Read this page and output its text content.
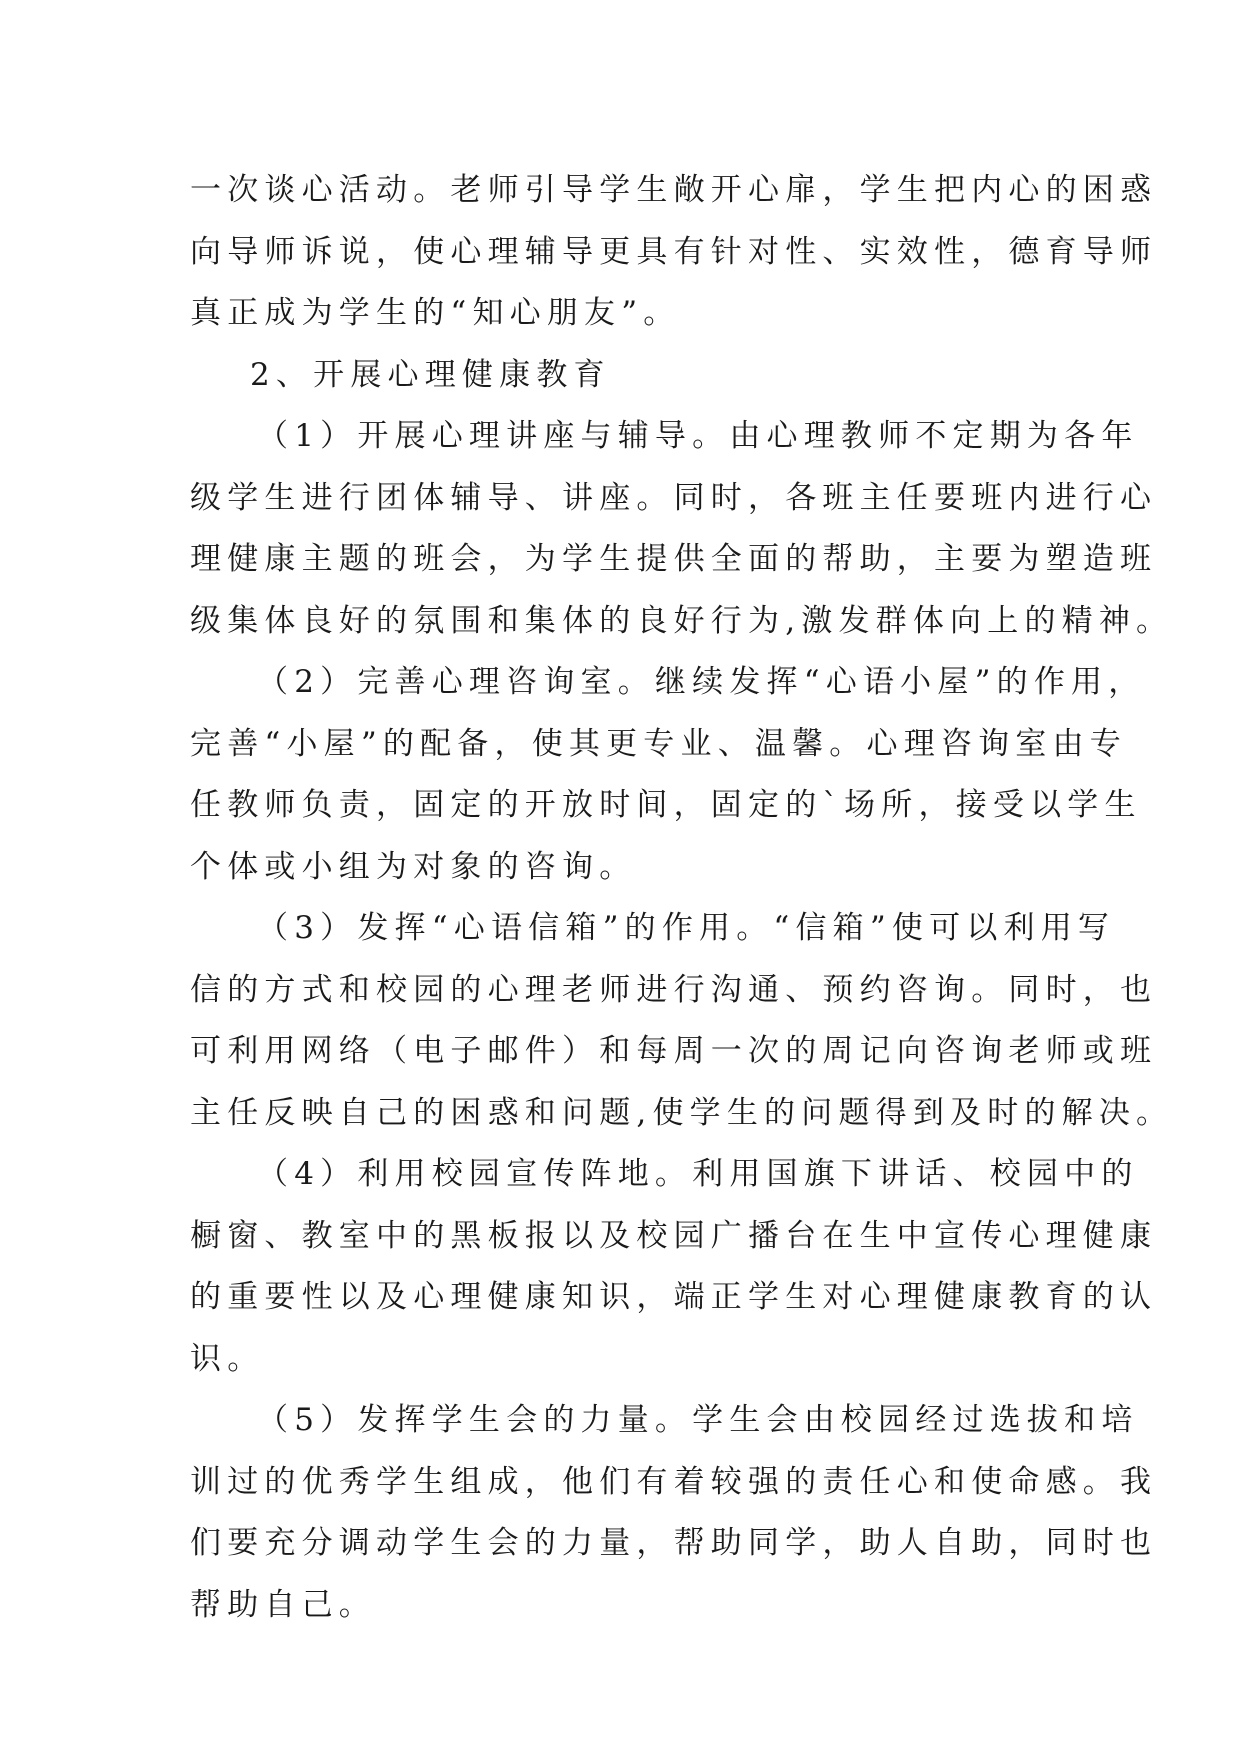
一次谈心活动。老师引导学生敞开心扉，学生把内心的困惑
向导师诉说，使心理辅导更具有针对性、实效性，德育导师
真正成为学生的“知心朋友”。
2、开展心理健康教育
（1）开展心理讲座与辅导。由心理教师不定期为各年
级学生进行团体辅导、讲座。同时，各班主任要班内进行心
理健康主题的班会，为学生提供全面的帮助，主要为塑造班
级集体良好的氛围和集体的良好行为,激发群体向上的精神。
（2）完善心理咨询室。继续发挥“心语小屋”的作用，
完善“小屋”的配备，使其更专业、温馨。心理咨询室由专
任教师负责，固定的开放时间，固定的`场所，接受以学生
个体或小组为对象的咨询。
（3）发挥“心语信箱”的作用。“信箱”使可以利用写
信的方式和校园的心理老师进行沟通、预约咨询。同时，也
可利用网络（电子邮件）和每周一次的周记向咨询老师或班
主任反映自己的困惑和问题,使学生的问题得到及时的解决。
（4）利用校园宣传阵地。利用国旗下讲话、校园中的
橱窗、教室中的黑板报以及校园广播台在生中宣传心理健康
的重要性以及心理健康知识，端正学生对心理健康教育的认
识。
（5）发挥学生会的力量。学生会由校园经过选拔和培
训过的优秀学生组成，他们有着较强的责任心和使命感。我
们要充分调动学生会的力量，帮助同学，助人自助，同时也
帮助自己。
